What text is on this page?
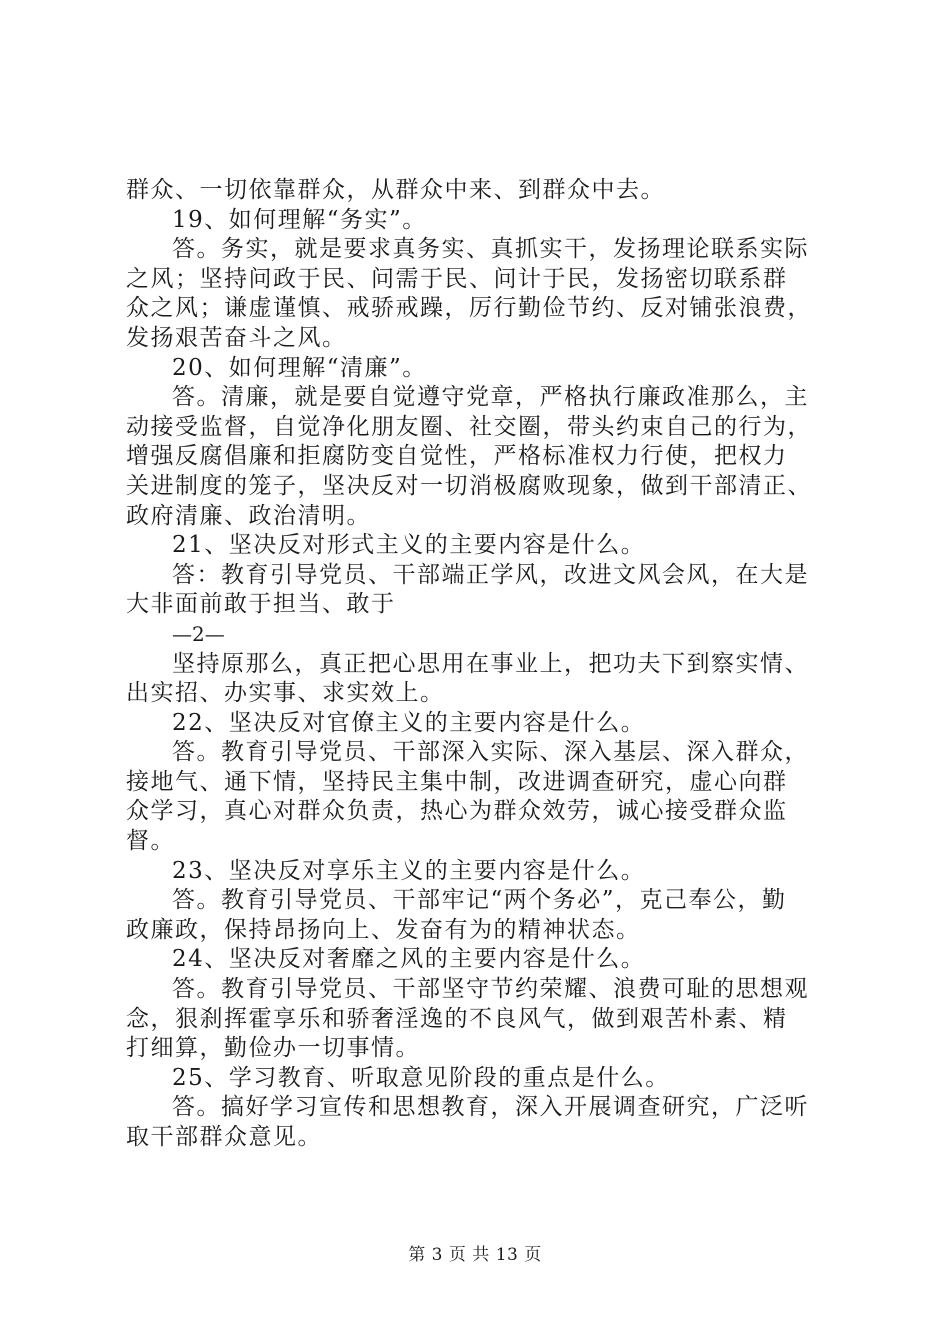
群众、一切依靠群众，从群众中来、到群众中去。
19、如何理解“务实”。
答。务实，就是要求真务实、真抓实干，发扬理论联系实际
之风；坚持问政于民、问需于民、问计于民，发扬密切联系群
众之风；谦虚谨慎、戒骄戒躁，厉行勤俭节约、反对铺张浪费，
发扬艰苦奋斗之风。
20、如何理解“清廉”。
答。清廉，就是要自觉遵守党章，严格执行廉政准那么，主
动接受监督，自觉净化朋友圈、社交圈，带头约束自己的行为，
增强反腐倡廉和拒腐防变自觉性，严格标准权力行使，把权力
关进制度的笼子，坚决反对一切消极腐败现象，做到干部清正、
政府清廉、政治清明。
21、坚决反对形式主义的主要内容是什么。
答：教育引导党员、干部端正学风，改进文风会风，在大是
大非面前敢于担当、敢于
—2—
坚持原那么，真正把心思用在事业上，把功夫下到察实情、
出实招、办实事、求实效上。
22、坚决反对官僚主义的主要内容是什么。
答。教育引导党员、干部深入实际、深入基层、深入群众，
接地气、通下情，坚持民主集中制，改进调查研究，虚心向群
众学习，真心对群众负责，热心为群众效劳，诚心接受群众监
督。
23、坚决反对享乐主义的主要内容是什么。
答。教育引导党员、干部牢记“两个务必”，克己奉公，勤
政廉政，保持昂扬向上、发奋有为的精神状态。
24、坚决反对奢靡之风的主要内容是什么。
答。教育引导党员、干部坚守节约荣耀、浪费可耻的思想观
念，狠刹挥霍享乐和骄奢淫逸的不良风气，做到艰苦朴素、精
打细算，勤俭办一切事情。
25、学习教育、听取意见阶段的重点是什么。
答。搞好学习宣传和思想教育，深入开展调查研究，广泛听
取干部群众意见。
第 3 页 共 13 页
